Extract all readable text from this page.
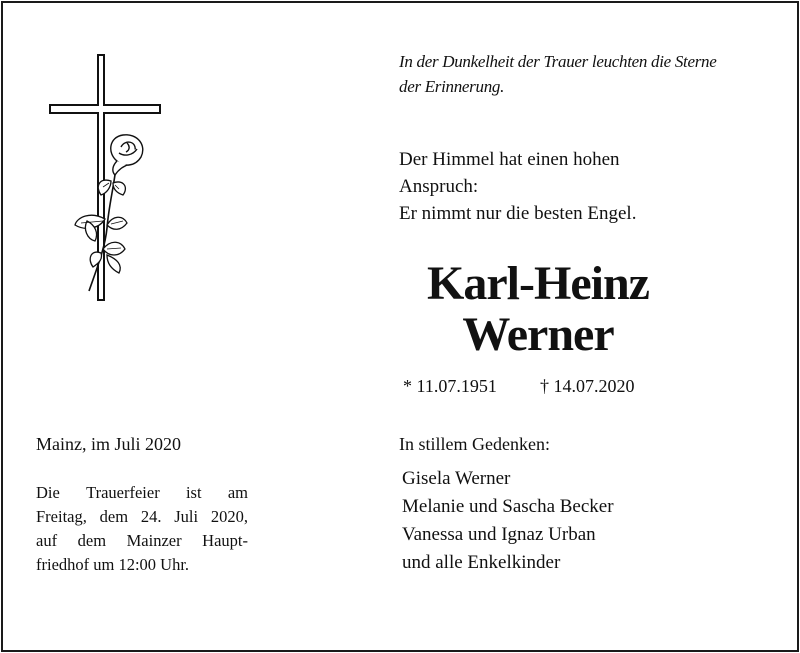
In der Dunkelheit der Trauer leuchten die Sterne
der Erinnerung.
Der Himmel hat einen hohen
Anspruch:
Er nimmt nur die besten Engel.
Karl-Heinz
Werner
* 11.07.1951 † 14.07.2020
Mainz, im Juli 2020
Die Trauerfeier ist am
Freitag, dem 24. Juli 2020,
auf dem Mainzer Haupt-
friedhof um 12:00 Uhr.
In stillem Gedenken:
Gisela Werner
Melanie und Sascha Becker
Vanessa und Ignaz Urban
und alle Enkelkinder
